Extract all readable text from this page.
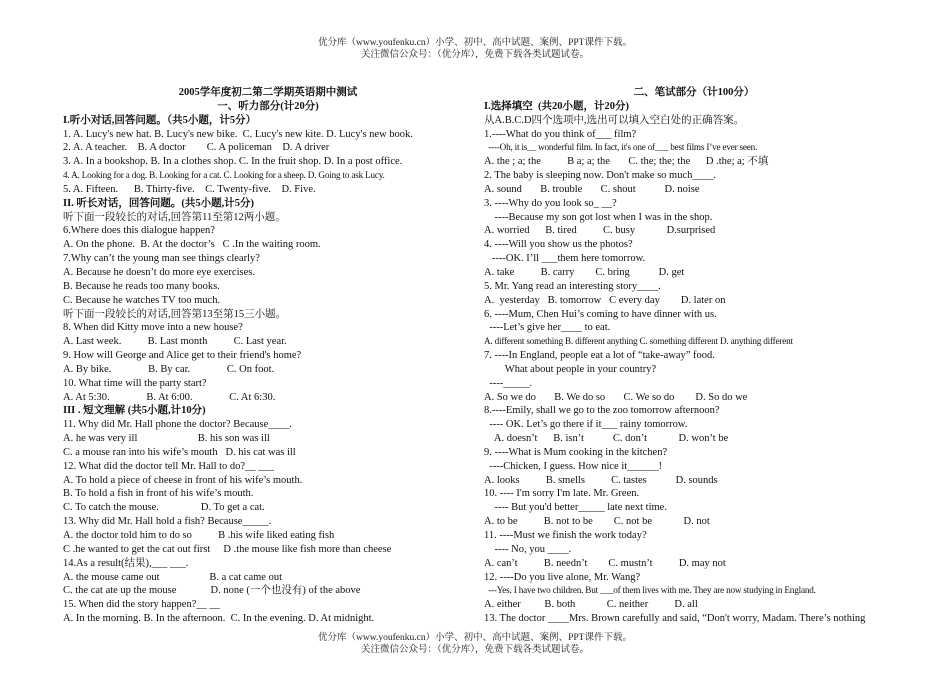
优分库（www.youfenku.cn）小学、初中、高中试题、案例、PPT课件下载。
关注微信公众号：（优分库），免费下载各类试题试卷。
2005学年度初二第二学期英语期中测试
一、听力部分(计20分)
I.听小对话,回答问题。（共5小题，计5分）
1. A. Lucy's new hat. B. Lucy's new bike.  C. Lucy's new kite. D. Lucy's new book.
2. A. A teacher.    B. A doctor        C. A policeman    D. A driver
3. A. In a bookshop. B. In a clothes shop. C. In the fruit shop. D. In a post office.
4. A. Looking for a dog. B. Looking for a cat. C. Looking for a sheep. D. Going to ask Lucy.
5. A. Fifteen.      B. Thirty-five.    C. Twenty-five.    D. Five.
II. 听长对话，回答问题。(共5小题,计5分)
听下面一段较长的对话,回答第11至第12两小题。
6.Where does this dialogue happen?
A. On the phone.  B. At the doctor’s   C .In the waiting room.
7.Why can’t the young man see things clearly?
A. Because he doesn’t do more eye exercises.
B. Because he reads too many books.
C. Because he watches TV too much.
听下面一段较长的对话,回答第13至第15三小题。
8. When did Kitty move into a new house?
A. Last week.          B. Last month          C. Last year.
9. How will George and Alice get to their friend's home?
A. By bike.              B. By car.              C. On foot.
10. What time will the party start?
A. At 5:30.              B. At 6:00.              C. At 6:30.
III . 短文理解 (共5小题,计10分)
11. Why did Mr. Hall phone the doctor? Because____.
A. he was very ill                       B. his son was ill
C. a mouse ran into his wife’s mouth   D. his cat was ill
12. What did the doctor tell Mr. Hall to do?__ ___
A. To hold a piece of cheese in front of his wife’s mouth.
B. To hold a fish in front of his wife’s mouth.
C. To catch the mouse.                D. To get a cat.
13. Why did Mr. Hall hold a fish? Because_____.
A. the doctor told him to do so          B .his wife liked eating fish
C .he wanted to get the cat out first     D .the mouse like fish more than cheese
14.As a result(结果),___ ___.
A. the mouse came out                   B. a cat came out
C. the cat ate up the mouse             D. none (一个也没有) of the above
15. When did the story happen?__ __
A. In the morning. B. In the afternoon.  C. In the evening. D. At midnight.
二、笔试部分（计100分）
I.选择填空  (共20小题，计20分)
从A.B.C.D四个选项中,选出可以填入空白处的正确答案。
1.----What do you think of___ film?
----Oh, it is__ wonderful film. In fact, it's one of___ best films I’ve ever seen.
A. the ; a; the          B a; a; the       C. the; the; the      D .the; a; 不填
2. The baby is sleeping now. Don't make so much____.
A. sound       B. trouble       C. shout           D. noise
3. ----Why do you look so_ __?
----Because my son got lost when I was in the shop.
A. worried      B. tired          C. busy            D.surprised
4. ----Will you show us the photos?
----OK. I’ll ___them here tomorrow.
A. take          B. carry        C. bring           D. get
5. Mr. Yang read an interesting story____.
A.  yesterday   B. tomorrow   C every day        D. later on
6. ----Mum, Chen Hui’s coming to have dinner with us.
----Let’s give her____ to eat.
A. different something B. different anything C. something different D. anything different
7. ----In England, people eat a lot of “take-away” food.
What about people in your country?
----_____.
A. So we do       B. We do so       C. We so do        D. So do we
8.----Emily, shall we go to the zoo tomorrow afternoon?
---- OK. Let’s go there if it___ rainy tomorrow.
A. doesn’t      B. isn’t           C. don’t            D. won’t be
9. ----What is Mum cooking in the kitchen?
----Chicken, I guess. How nice it______!
A. looks          B. smells          C. tastes           D. sounds
10. ---- I'm sorry I'm late. Mr. Green.
---- But you'd better_____ late next time.
A. to be          B. not to be        C. not be            D. not
11. ----Must we finish the work today?
---- No, you ____.
A. can’t          B. needn’t        C. mustn’t          D. may not
12. ----Do you live alone, Mr. Wang?
---Yes. I have two children. But ___of them lives with me. They are now studying in England.
A. either         B. both            C. neither          D. all
13. The doctor ____Mrs. Brown carefully and said, “Don't worry, Madam. There’s nothing
优分库（www.youfenku.cn）小学、初中、高中试题、案例、PPT课件下载。
关注微信公众号：（优分库），免费下载各类试题试卷。
